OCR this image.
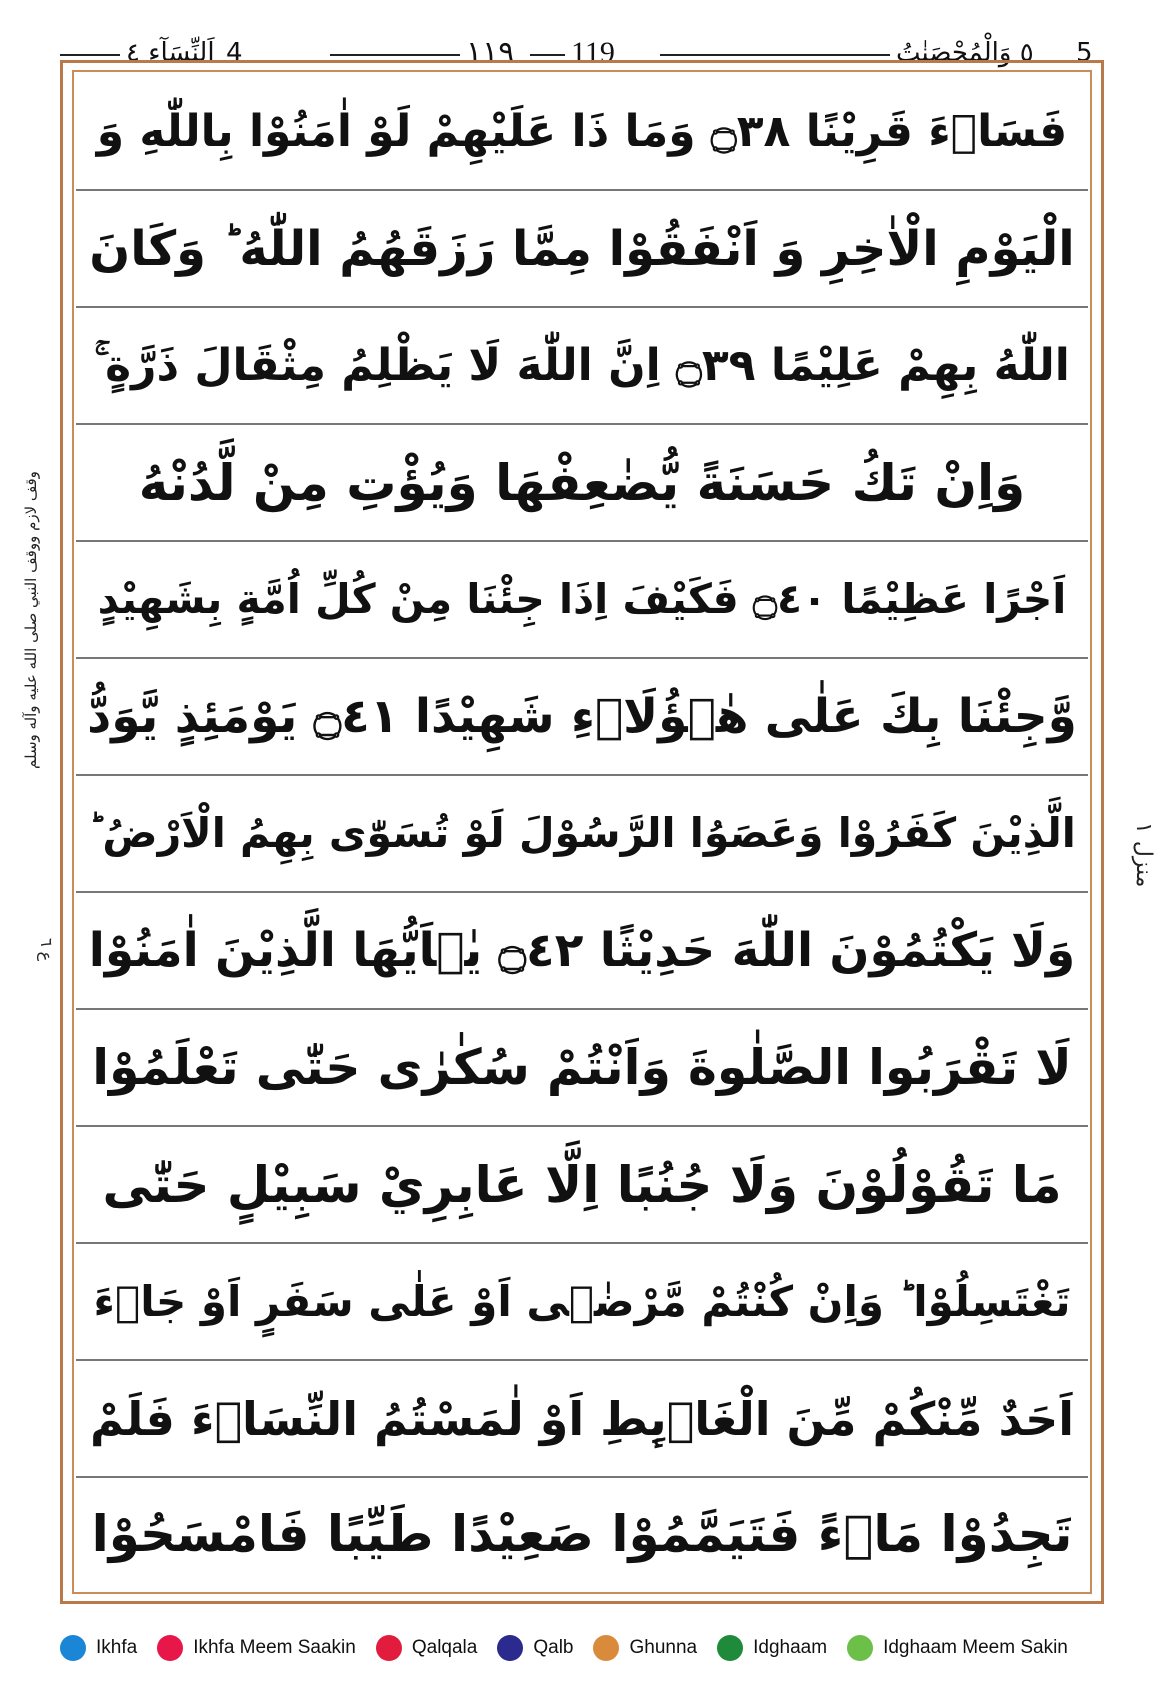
اَلنِّسَآء ٤ 4	١١٩ 119	٥ وَالْمُحْصَنٰتُ 5
فَسَاۤءَ قَرِيْنًا ۝٣٨ وَمَا ذَا عَلَيْهِمْ لَوْ اٰمَنُوْا بِاللّٰهِ وَ
الْيَوْمِ الْاٰخِرِ وَ اَنْفَقُوْا مِمَّا رَزَقَهُمُ اللّٰهُ ؕ وَكَانَ
اللّٰهُ بِهِمْ عَلِيْمًا ۝٣٩ اِنَّ اللّٰهَ لَا يَظْلِمُ مِثْقَالَ ذَرَّةٍ ۚ
وَاِنْ تَكُ حَسَنَةً يُّضٰعِفْهَا وَيُؤْتِ مِنْ لَّدُنْهُ
اَجْرًا عَظِيْمًا ۝٤٠ فَكَيْفَ اِذَا جِئْنَا مِنْ كُلِّ اُمَّةٍ بِشَهِيْدٍ
وَّجِئْنَا بِكَ عَلٰى هٰۤؤُلَاۤءِ شَهِيْدًا ۝٤١ يَوْمَئِذٍ يَّوَدُّ
الَّذِيْنَ كَفَرُوْا وَعَصَوُا الرَّسُوْلَ لَوْ تُسَوّٰى بِهِمُ الْاَرْضُ ؕ
وَلَا يَكْتُمُوْنَ اللّٰهَ حَدِيْثًا ۝٤٢ يٰۤاَيُّهَا الَّذِيْنَ اٰمَنُوْا
لَا تَقْرَبُوا الصَّلٰوةَ وَاَنْتُمْ سُكٰرٰى حَتّٰى تَعْلَمُوْا
مَا تَقُوْلُوْنَ وَلَا جُنُبًا اِلَّا عَابِرِيْ سَبِيْلٍ حَتّٰى
تَغْتَسِلُوْا ؕ وَاِنْ كُنْتُمْ مَّرْضٰۤى اَوْ عَلٰى سَفَرٍ اَوْ جَاۤءَ
اَحَدٌ مِّنْكُمْ مِّنَ الْغَاۤىِٕطِ اَوْ لٰمَسْتُمُ النِّسَاۤءَ فَلَمْ
تَجِدُوْا مَاۤءً فَتَيَمَّمُوْا صَعِيْدًا طَيِّبًا فَامْسَحُوْا
وقف لازم ووقف النبي صلى الله عليه وآله وسلم
ع ٦
منزل ١
Ikhfa	Ikhfa Meem Saakin	Qalqala	Qalb	Ghunna	Idghaam	Idghaam Meem Sakin
